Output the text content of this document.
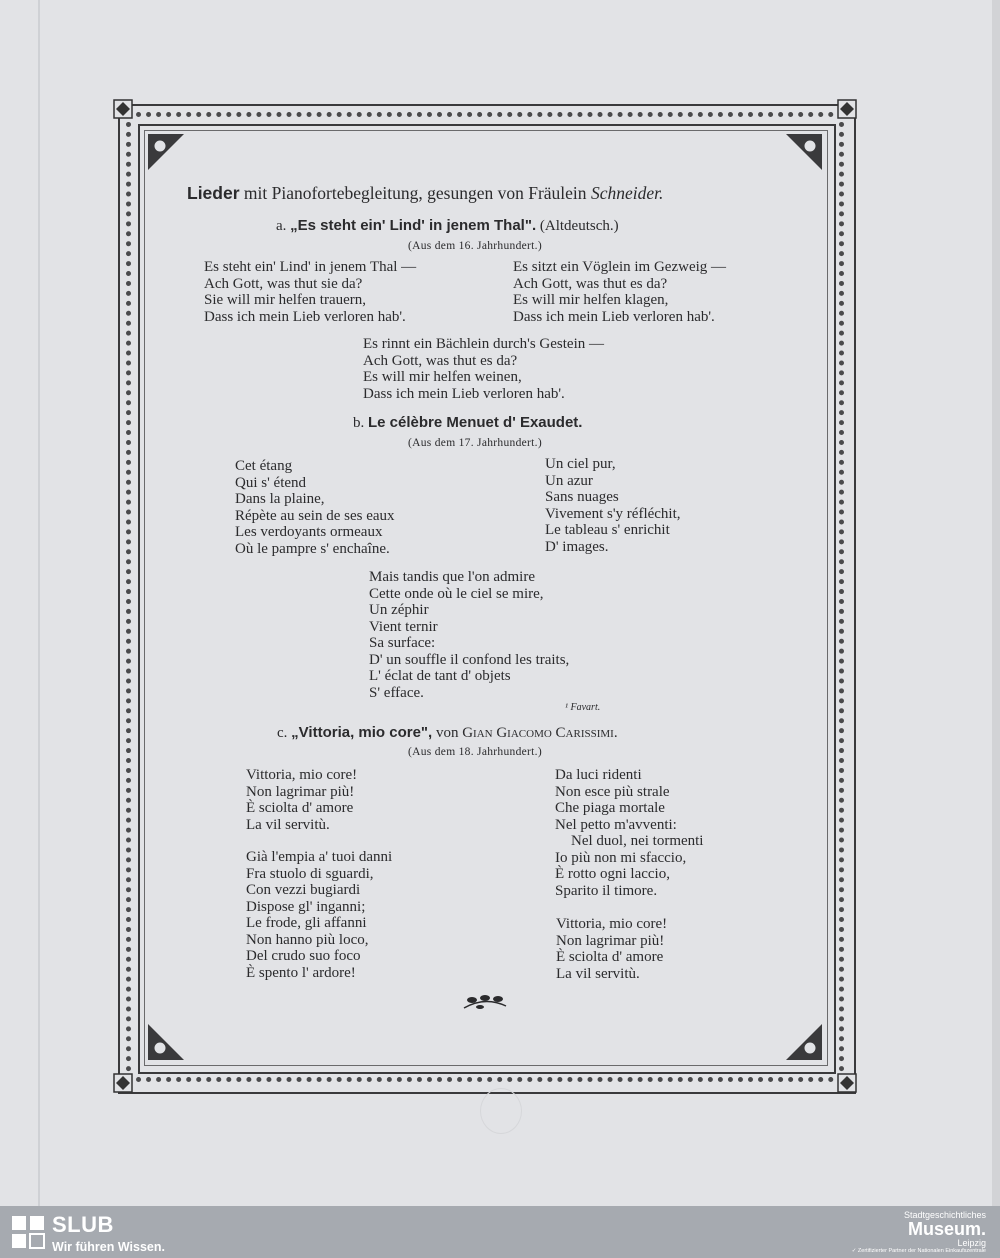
Lieder mit Pianofortebegleitung, gesungen von Fräulein Schneider.
a. „Es steht ein' Lind' in jenem Thal". (Altdeutsch.)
(Aus dem 16. Jahrhundert.)
Es steht ein' Lind' in jenem Thal —
Ach Gott, was thut sie da?
Sie will mir helfen trauern,
Dass ich mein Lieb verloren hab'.
Es sitzt ein Vöglein im Gezweig —
Ach Gott, was thut es da?
Es will mir helfen klagen,
Dass ich mein Lieb verloren hab'.
Es rinnt ein Bächlein durch's Gestein —
Ach Gott, was thut es da?
Es will mir helfen weinen,
Dass ich mein Lieb verloren hab'.
b. Le célèbre Menuet d' Exaudet.
(Aus dem 17. Jahrhundert.)
Cet étang
Qui s' étend
Dans la plaine,
Répète au sein de ses eaux
Les verdoyants ormeaux
Où le pampre s' enchaîne.
Un ciel pur,
Un azur
Sans nuages
Vivement s'y réfléchit,
Le tableau s' enrichit
D' images.
Mais tandis que l'on admire
Cette onde où le ciel se mire,
Un zéphir
Vient ternir
Sa surface:
D' un souffle il confond les traits,
L' éclat de tant d' objets
S' efface.
¹ Favart.
c. „Vittoria, mio core", von Gian Giacomo Carissimi.
(Aus dem 18. Jahrhundert.)
Vittoria, mio core!
Non lagrimar più!
È sciolta d' amore
La vil servitù.
Già l'empia a' tuoi danni
Fra stuolo di sguardi,
Con vezzi bugiardi
Dispose gl' inganni;
Le frode, gli affanni
Non hanno più loco,
Del crudo suo foco
È spento l' ardore!
Da luci ridenti
Non esce più strale
Che piaga mortale
Nel petto m'avventi:
Nel duol, nei tormenti
Io più non mi sfaccio,
È rotto ogni laccio,
Sparito il timore.
Vittoria, mio core!
Non lagrimar più!
È sciolta d' amore
La vil servitù.
SLUB
Wir führen Wissen.
Stadtgeschichtliches
Museum.
Leipzig
✓ Zertifizierter Partner der Nationalen Einkaufszentrale
